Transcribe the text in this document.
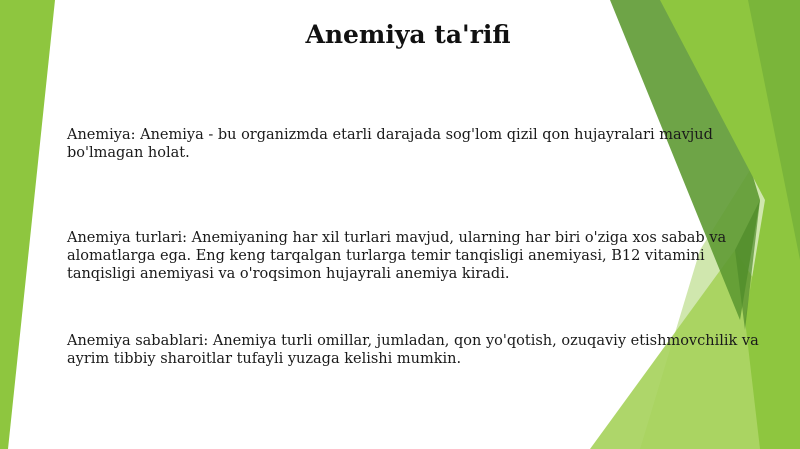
Anemiya ta'rifi

Anemiya: Anemiya - bu organizmda etarli darajada sog'lom qizil qon hujayralari mavjud bo'lmagan holat.

Anemiya turlari: Anemiyaning har xil turlari mavjud, ularning har biri o'ziga xos sabab va alomatlarga ega. Eng keng tarqalgan turlarga temir tanqisligi anemiyasi, B12 vitamini tanqisligi anemiyasi va o'roqsimon hujayrali anemiya kiradi.

Anemiya sabablari: Anemiya turli omillar, jumladan, qon yo'qotish, ozuqaviy etishmovchilik va ayrim tibbiy sharoitlar tufayli yuzaga kelishi mumkin.
